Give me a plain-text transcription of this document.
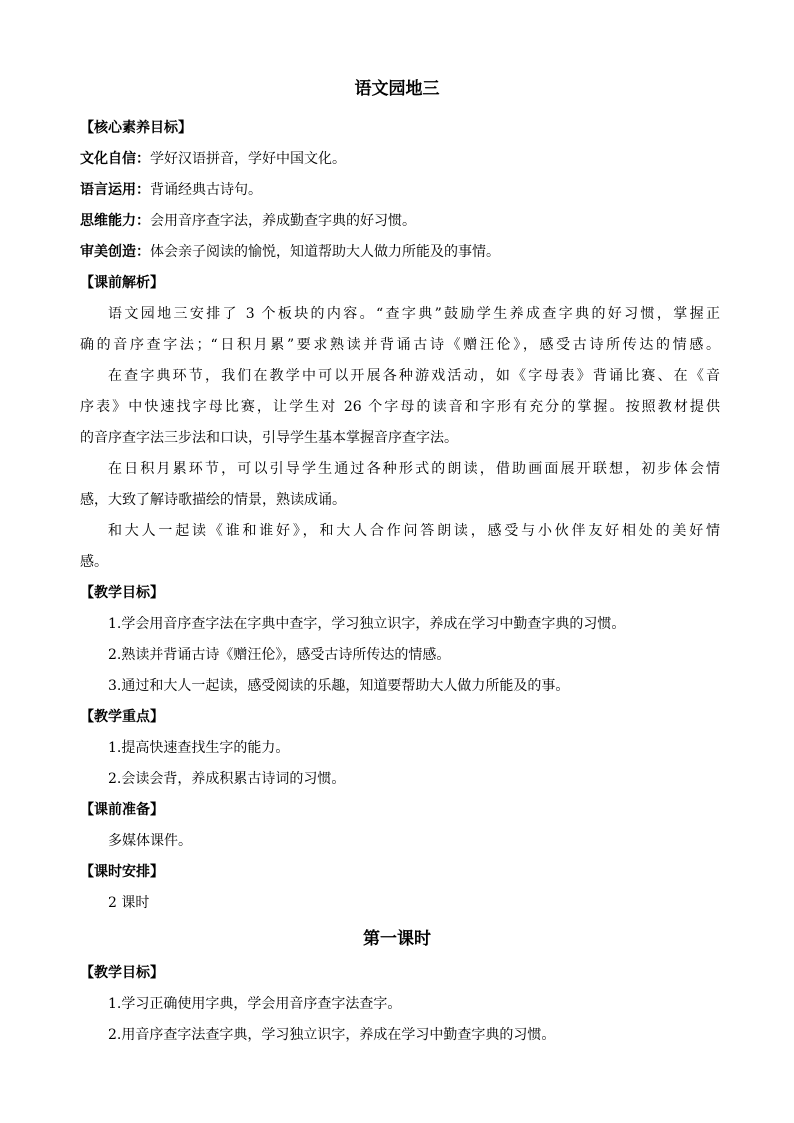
语文园地三
【核心素养目标】
文化自信：学好汉语拼音，学好中国文化。
语言运用：背诵经典古诗句。
思维能力：会用音序查字法，养成勤查字典的好习惯。
审美创造：体会亲子阅读的愉悦，知道帮助大人做力所能及的事情。
【课前解析】
语文园地三安排了 3 个板块的内容。“查字典”鼓励学生养成查字典的好习惯，掌握正
确的音序查字法；“日积月累”要求熟读并背诵古诗《赠汪伦》，感受古诗所传达的情感。
在查字典环节，我们在教学中可以开展各种游戏活动，如《字母表》背诵比赛、在《音
序表》中快速找字母比赛，让学生对 26 个字母的读音和字形有充分的掌握。按照教材提供
的音序查字法三步法和口诀，引导学生基本掌握音序查字法。
在日积月累环节，可以引导学生通过各种形式的朗读，借助画面展开联想，初步体会情
感，大致了解诗歌描绘的情景，熟读成诵。
和大人一起读《谁和谁好》，和大人合作问答朗读，感受与小伙伴友好相处的美好情
感。
【教学目标】
1.学会用音序查字法在字典中查字，学习独立识字，养成在学习中勤查字典的习惯。
2.熟读并背诵古诗《赠汪伦》，感受古诗所传达的情感。
3.通过和大人一起读，感受阅读的乐趣，知道要帮助大人做力所能及的事。
【教学重点】
1.提高快速查找生字的能力。
2.会读会背，养成积累古诗词的习惯。
【课前准备】
多媒体课件。
【课时安排】
2 课时
第一课时
【教学目标】
1.学习正确使用字典，学会用音序查字法查字。
2.用音序查字法查字典，学习独立识字，养成在学习中勤查字典的习惯。
